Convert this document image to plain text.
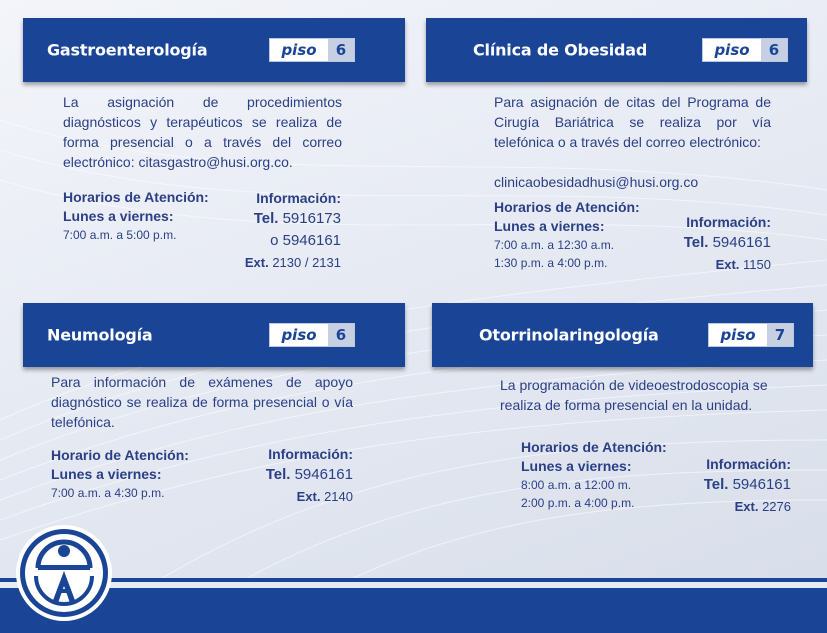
Gastroenterología	piso	6
La asignación de procedimientos diagnósticos y terapéuticos se realiza de forma presencial o a través del correo electrónico: citasgastro@husi.org.co.
Horarios de Atención:
Lunes a viernes:
7:00 a.m. a 5:00 p.m.
Información:
Tel. 5916173
o 5946161
Ext. 2130 / 2131
Clínica de Obesidad	piso	6
Para asignación de citas del Programa de Cirugía Bariátrica se realiza por vía telefónica o a través del correo electrónico:
clinicaobesidadhusi@husi.org.co
Horarios de Atención:
Lunes a viernes:
7:00 a.m. a 12:30 a.m.
1:30 p.m. a 4:00 p.m.
Información:
Tel. 5946161
Ext. 1150
Neumología	piso	6
Para información de exámenes de apoyo diagnóstico se realiza de forma presencial o vía telefónica.
Horario de Atención:
Lunes a viernes:
7:00 a.m. a 4:30 p.m.
Información:
Tel. 5946161
Ext. 2140
Otorrinolaringología	piso	7
La programación de videoestrodoscopia se realiza de forma presencial en la unidad.
Horarios de Atención:
Lunes a viernes:
8:00 a.m. a 12:00 m.
2:00 p.m. a 4:00 p.m.
Información:
Tel. 5946161
Ext. 2276
